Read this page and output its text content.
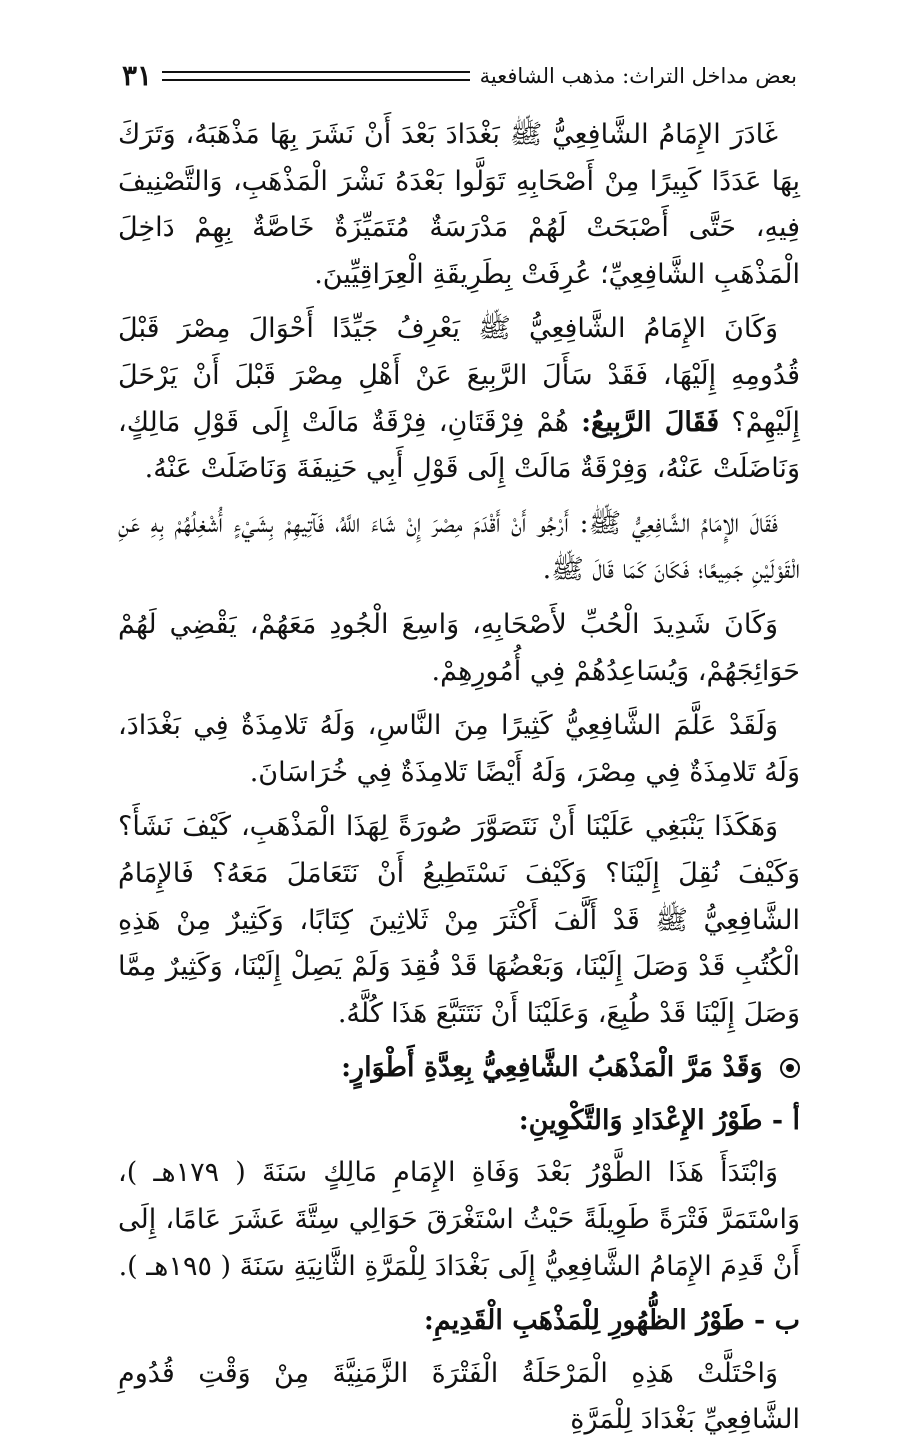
بعض مداخل التراث: مذهب الشافعية
٣١

غَادَرَ الإِمَامُ الشَّافِعِيُّ ﷺ بَغْدَادَ بَعْدَ أَنْ نَشَرَ بِهَا مَذْهَبَهُ، وَتَرَكَ بِهَا عَدَدًا كَبِيرًا مِنْ أَصْحَابِهِ تَوَلَّوا بَعْدَهُ نَشْرَ الْمَذْهَبِ، وَالتَّصْنِيفَ فِيهِ، حَتَّى أَصْبَحَتْ لَهُمْ مَدْرَسَةٌ مُتَمَيِّزَةٌ خَاصَّةٌ بِهِمْ دَاخِلَ الْمَذْهَبِ الشَّافِعِيِّ؛ عُرِفَتْ بِطَرِيقَةِ الْعِرَاقِيِّينَ.

وَكَانَ الإِمَامُ الشَّافِعِيُّ ﷺ يَعْرِفُ جَيِّدًا أَحْوَالَ مِصْرَ قَبْلَ قُدُومِهِ إِلَيْهَا، فَقَدْ سَأَلَ الرَّبِيعَ عَنْ أَهْلِ مِصْرَ قَبْلَ أَنْ يَرْحَلَ إِلَيْهِمْ؟ فَقَالَ الرَّبِيعُ: هُمْ فِرْقَتَانِ، فِرْقَةٌ مَالَتْ إِلَى قَوْلِ مَالِكٍ، وَنَاضَلَتْ عَنْهُ، وَفِرْقَةٌ مَالَتْ إِلَى قَوْلِ أَبِي حَنِيفَةَ وَنَاضَلَتْ عَنْهُ.

فَقَالَ الإِمَامُ الشَّافِعِيُّ ﷺ: أَرْجُو أَنْ أَقْدَمَ مِصْرَ إِنْ شَاءَ اللَّهُ، فَآتِيهِمْ بِشَيْءٍ أُشْغِلُهُمْ بِهِ عَنِ الْقَوْلَيْنِ جَمِيعًا؛ فَكَانَ كَمَا قَالَ ﷺ.

وَكَانَ شَدِيدَ الْحُبِّ لأَصْحَابِهِ، وَاسِعَ الْجُودِ مَعَهُمْ، يَقْضِي لَهُمْ حَوَائِجَهُمْ، وَيُسَاعِدُهُمْ فِي أُمُورِهِمْ.

وَلَقَدْ عَلَّمَ الشَّافِعِيُّ كَثِيرًا مِنَ النَّاسِ، وَلَهُ تَلامِذَةٌ فِي بَغْدَادَ، وَلَهُ تَلامِذَةٌ فِي مِصْرَ، وَلَهُ أَيْضًا تَلامِذَةٌ فِي خُرَاسَانَ.

وَهَكَذَا يَنْبَغِي عَلَيْنَا أَنْ نَتَصَوَّرَ صُورَةً لِهَذَا الْمَذْهَبِ، كَيْفَ نَشَأَ؟ وَكَيْفَ نُقِلَ إِلَيْنَا؟ وَكَيْفَ نَسْتَطِيعُ أَنْ نَتَعَامَلَ مَعَهُ؟ فَالإِمَامُ الشَّافِعِيُّ ﷺ قَدْ أَلَّفَ أَكْثَرَ مِنْ ثَلاثِينَ كِتَابًا، وَكَثِيرٌ مِنْ هَذِهِ الْكُتُبِ قَدْ وَصَلَ إِلَيْنَا، وَبَعْضُهَا قَدْ فُقِدَ وَلَمْ يَصِلْ إِلَيْنَا، وَكَثِيرٌ مِمَّا وَصَلَ إِلَيْنَا قَدْ طُبِعَ، وَعَلَيْنَا أَنْ نَتَتَبَّعَ هَذَا كُلَّهُ.

وَقَدْ مَرَّ الْمَذْهَبُ الشَّافِعِيُّ بِعِدَّةِ أَطْوَارٍ:
أ - طَوْرُ الإِعْدَادِ وَالتَّكْوِينِ:

وَابْتَدَأَ هَذَا الطَّوْرُ بَعْدَ وَفَاةِ الإِمَامِ مَالِكٍ سَنَةَ ( ١٧٩هـ )، وَاسْتَمَرَّ فَتْرَةً طَوِيلَةً حَيْثُ اسْتَغْرَقَ حَوَالِي سِتَّةَ عَشَرَ عَامًا، إِلَى أَنْ قَدِمَ الإِمَامُ الشَّافِعِيُّ إِلَى بَغْدَادَ لِلْمَرَّةِ الثَّانِيَةِ سَنَةَ ( ١٩٥هـ ).

ب - طَوْرُ الظُّهُورِ لِلْمَذْهَبِ الْقَدِيمِ:

وَاحْتَلَّتْ هَذِهِ الْمَرْحَلَةُ الْفَتْرَةَ الزَّمَنِيَّةَ مِنْ وَقْتِ قُدُومِ الشَّافِعِيِّ بَغْدَادَ لِلْمَرَّةِ
